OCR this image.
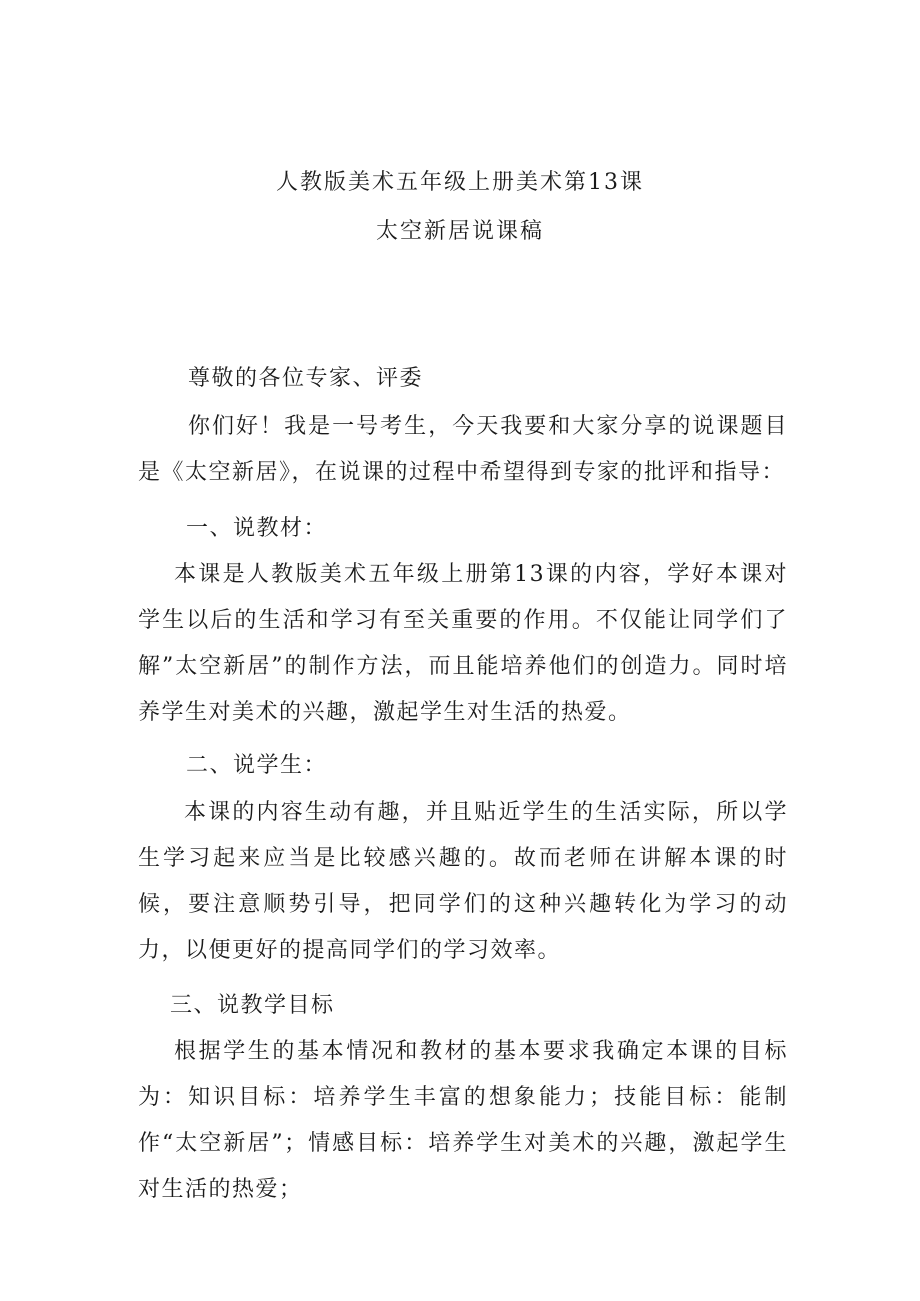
人教版美术五年级上册美术第13课
太空新居说课稿
尊敬的各位专家、评委
你们好！我是一号考生，今天我要和大家分享的说课题目是《太空新居》，在说课的过程中希望得到专家的批评和指导：
一、说教材：
本课是人教版美术五年级上册第13课的内容，学好本课对学生以后的生活和学习有至关重要的作用。不仅能让同学们了解”太空新居”的制作方法，而且能培养他们的创造力。同时培养学生对美术的兴趣，激起学生对生活的热爱。
二、说学生：
本课的内容生动有趣，并且贴近学生的生活实际，所以学生学习起来应当是比较感兴趣的。故而老师在讲解本课的时候，要注意顺势引导，把同学们的这种兴趣转化为学习的动力，以便更好的提高同学们的学习效率。
三、说教学目标
根据学生的基本情况和教材的基本要求我确定本课的目标为：知识目标：培养学生丰富的想象能力；技能目标：能制作“太空新居”；情感目标：培养学生对美术的兴趣，激起学生对生活的热爱；
